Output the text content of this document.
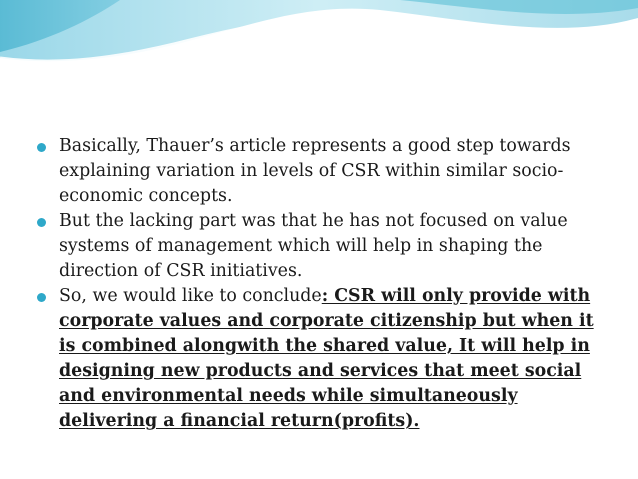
Basically, Thauer’s article represents a good step towards explaining variation in levels of CSR within similar socio-economic concepts.
But the lacking part was that he has not focused on value systems of management which will help in shaping the direction of CSR initiatives.
So, we would like to conclude: CSR will only provide with corporate values and corporate citizenship but when it is combined alongwith the shared value, It will help in designing new products and services that meet social and environmental needs while simultaneously delivering a financial return(profits).
